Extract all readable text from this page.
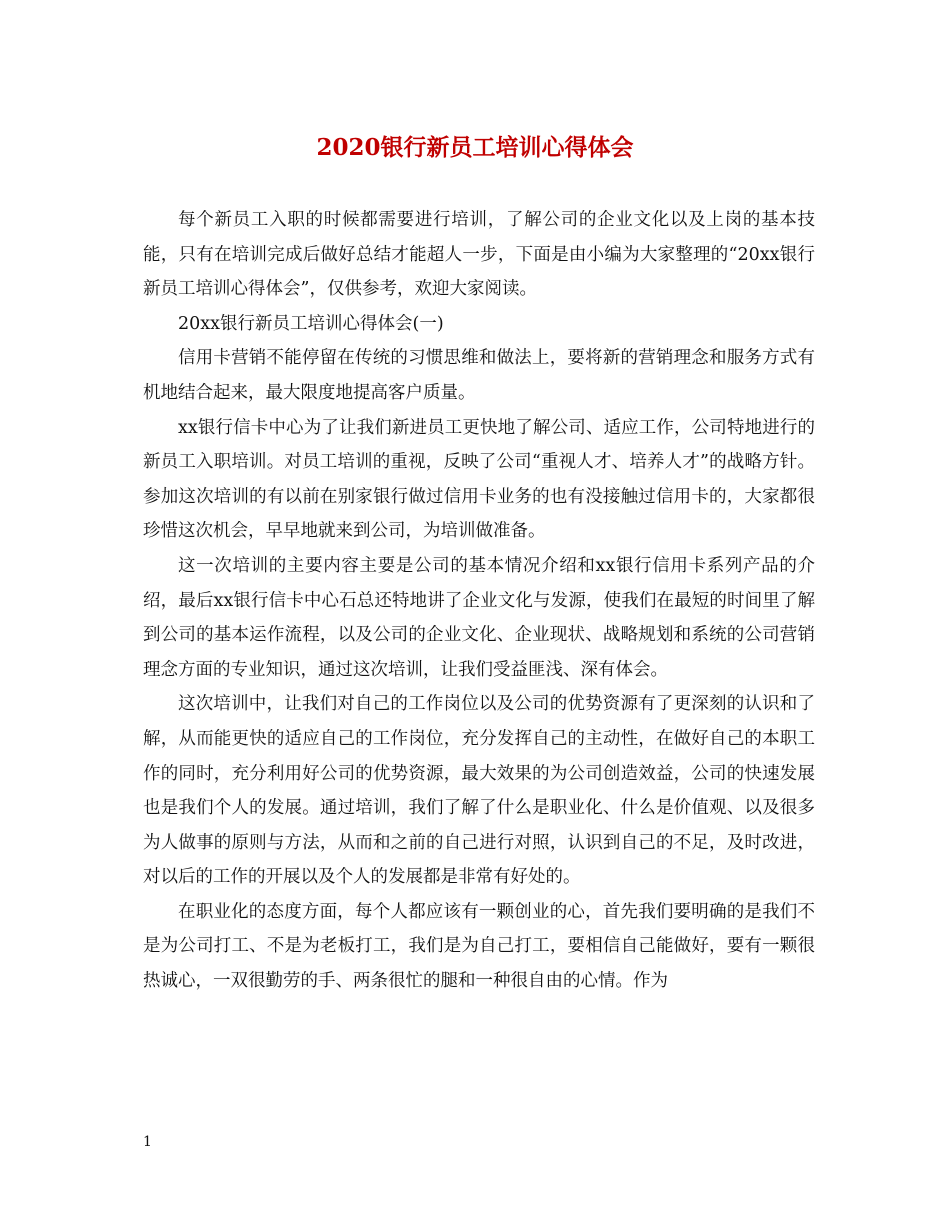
2020银行新员工培训心得体会

每个新员工入职的时候都需要进行培训，了解公司的企业文化以及上岗的基本技能，只有在培训完成后做好总结才能超人一步，下面是由小编为大家整理的“20xx银行新员工培训心得体会”，仅供参考，欢迎大家阅读。

20xx银行新员工培训心得体会(一)

信用卡营销不能停留在传统的习惯思维和做法上，要将新的营销理念和服务方式有机地结合起来，最大限度地提高客户质量。

xx银行信卡中心为了让我们新进员工更快地了解公司、适应工作，公司特地进行的新员工入职培训。对员工培训的重视，反映了公司“重视人才、培养人才”的战略方针。参加这次培训的有以前在别家银行做过信用卡业务的也有没接触过信用卡的，大家都很珍惜这次机会，早早地就来到公司，为培训做准备。

这一次培训的主要内容主要是公司的基本情况介绍和xx银行信用卡系列产品的介绍，最后xx银行信卡中心石总还特地讲了企业文化与发源，使我们在最短的时间里了解到公司的基本运作流程，以及公司的企业文化、企业现状、战略规划和系统的公司营销理念方面的专业知识，通过这次培训，让我们受益匪浅、深有体会。

这次培训中，让我们对自己的工作岗位以及公司的优势资源有了更深刻的认识和了解，从而能更快的适应自己的工作岗位，充分发挥自己的主动性，在做好自己的本职工作的同时，充分利用好公司的优势资源，最大效果的为公司创造效益，公司的快速发展也是我们个人的发展。通过培训，我们了解了什么是职业化、什么是价值观、以及很多为人做事的原则与方法，从而和之前的自己进行对照，认识到自己的不足，及时改进，对以后的工作的开展以及个人的发展都是非常有好处的。

在职业化的态度方面，每个人都应该有一颗创业的心，首先我们要明确的是我们不是为公司打工、不是为老板打工，我们是为自己打工，要相信自己能做好，要有一颗很热诚心，一双很勤劳的手、两条很忙的腿和一种很自由的心情。作为

1
